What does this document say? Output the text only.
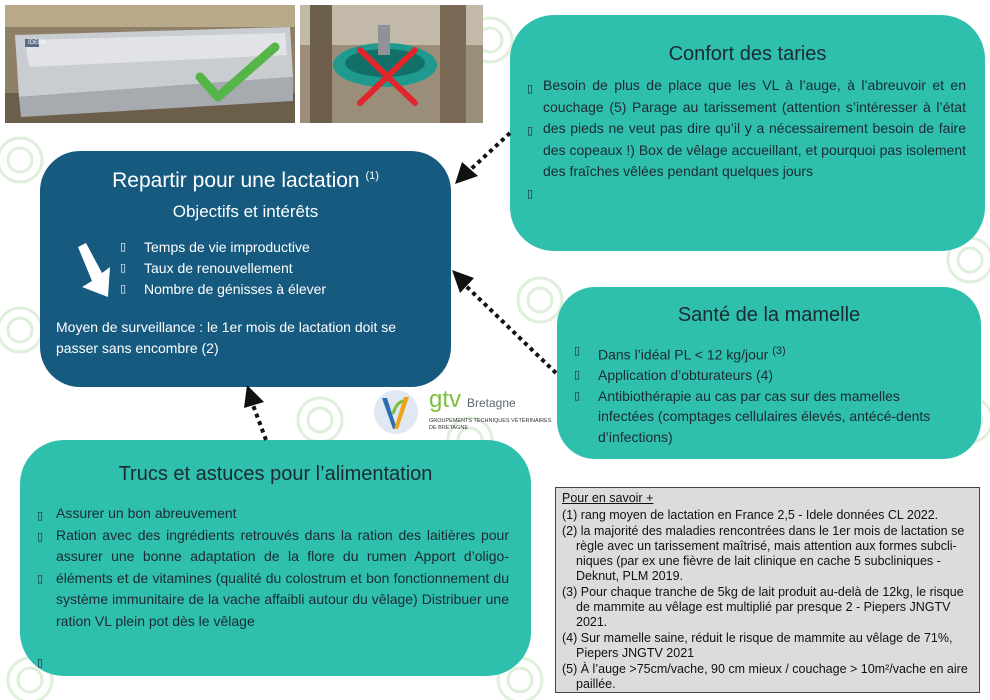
IDEPA
Repartir pour une lactation $^{(1)}$
Objectifs et intérêts
▯ Temps de vie improductive
▯ Taux de renouvellement
▯ Nombre de génisses à élever
Moyen de surveillance : le 1er mois de lactation doit se passer sans encombre (2)
Confort des taries
▯
▯
▯
Besoin de plus de place que les VL à l’auge, à l’abreuvoir et en couchage (5) Parage au tarissement (attention s’intéresser à l’état des pieds ne veut pas dire qu’il y a nécessairement besoin de faire des copeaux !) Box de vêlage accueillant, et pourquoi pas isolement des fraîches vêlées pendant quelques jours
Santé de la mamelle
▯ Dans l’idéal PL < 12 kg/jour $^{(3)}$
▯ Application d’obturateurs (4)
▯ Antibiothérapie au cas par cas sur des mamelles infectées (comptages cellulaires élevés, antécé-dents d’infections)
Trucs et astuces pour l’alimentation
▯
▯
▯
▯
Assurer un bon abreuvement
Ration avec des ingrédients retrouvés dans la ration des laitières pour assurer une bonne adaptation de la flore du rumen Apport d’oligo-éléments et de vitamines (qualité du colostrum et bon fonctionnement du système immunitaire de la vache affaibli autour du vêlage) Distribuer une ration VL plein pot dès le vêlage
gtv Bretagne
GROUPEMENTS TECHNIQUES VÉTÉRINAIRES
DE BRETAGNE
Pour en savoir +
(1) rang moyen de lactation en France 2,5 - Idele données CL 2022.
(2) la majorité des maladies rencontrées dans le 1er mois de lactation se règle avec un tarissement maîtrisé, mais attention aux formes subcli-niques (par ex une fièvre de lait clinique en cache 5 subcliniques - Deknut, PLM 2019.
(3) Pour chaque tranche de 5kg de lait produit au-delà de 12kg, le risque de mammite au vêlage est multiplié par presque 2 - Piepers JNGTV 2021.
(4) Sur mamelle saine, réduit le risque de mammite au vêlage de 71%, Piepers JNGTV 2021
(5) À l’auge >75cm/vache, 90 cm mieux / couchage > 10m²/vache en aire paillée.
